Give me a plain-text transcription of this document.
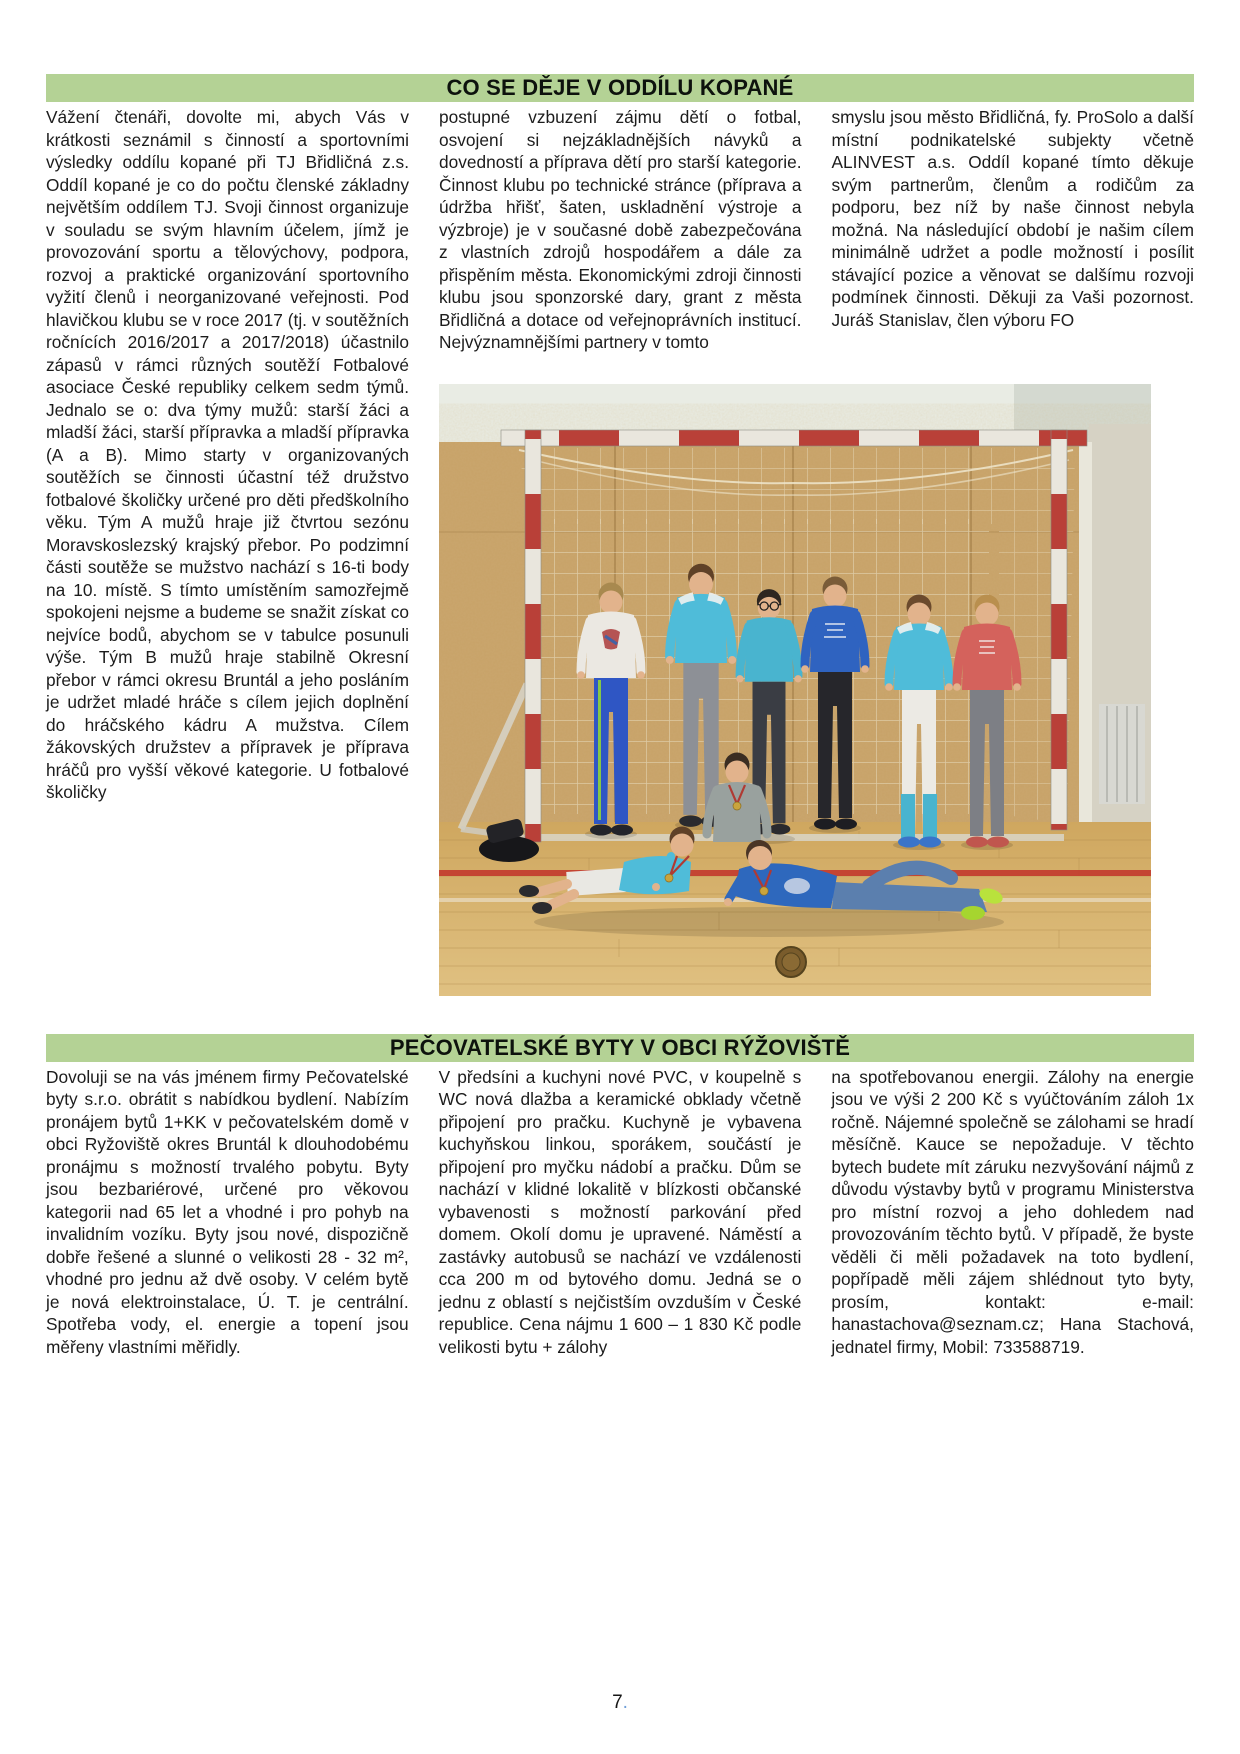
CO SE DĚJE V ODDÍLU KOPANÉ
Vážení čtenáři, dovolte mi, abych Vás v krátkosti seznámil s činností a sportovními výsledky oddílu kopané při TJ Břidličná z.s. Oddíl kopané je co do počtu členské základny největším oddílem TJ. Svoji činnost organizuje v souladu se svým hlavním účelem, jímž je provozování sportu a tělovýchovy, podpora, rozvoj a praktické organizování sportovního vyžití členů i neorganizované veřejnosti. Pod hlavičkou klubu se v roce 2017 (tj. v soutěžních ročnících 2016/2017 a 2017/2018) účastnilo zápasů v rámci různých soutěží Fotbalové asociace České republiky celkem sedm týmů. Jednalo se o: dva týmy mužů: starší žáci a mladší žáci, starší přípravka a mladší přípravka (A a B). Mimo starty v organizovaných soutěžích se činnosti účastní též družstvo fotbalové školičky určené pro děti předškolního věku. Tým A mužů hraje již čtvrtou sezónu Moravskoslezský krajský přebor. Po podzimní části soutěže se mužstvo nachází s 16-ti body na 10. místě. S tímto umístěním samozřejmě spokojeni nejsme a budeme se snažit získat co nejvíce bodů, abychom se v tabulce posunuli výše. Tým B mužů hraje stabilně Okresní přebor v rámci okresu Bruntál a jeho posláním je udržet mladé hráče s cílem jejich doplnění do hráčského kádru A mužstva. Cílem žákovských družstev a přípravek je příprava hráčů pro vyšší věkové kategorie. U fotbalové školičky
postupné vzbuzení zájmu dětí o fotbal, osvojení si nejzákladnějších návyků a dovedností a příprava dětí pro starší kategorie. Činnost klubu po technické stránce (příprava a údržba hřišť, šaten, uskladnění výstroje a výzbroje) je v současné době zabezpečována z vlastních zdrojů hospodářem a dále za přispěním města. Ekonomickými zdroji činnosti klubu jsou sponzorské dary, grant z města Břidličná a dotace od veřejnoprávních institucí. Nejvýznamnějšími partnery v tomto
smyslu jsou město Břidličná, fy. ProSolo a další místní podnikatelské subjekty včetně ALINVEST a.s. Oddíl kopané tímto děkuje svým partnerům, členům a rodičům za podporu, bez níž by naše činnost nebyla možná. Na následující období je našim cílem minimálně udržet a podle možností i posílit stávající pozice a věnovat se dalšímu rozvoji podmínek činnosti. Děkuji za Vaši pozornost. Juráš Stanislav, člen výboru FO
PEČOVATELSKÉ BYTY V OBCI RÝŽOVIŠTĚ
Dovoluji se na vás jménem firmy Pečovatelské byty s.r.o. obrátit s nabídkou bydlení. Nabízím pronájem bytů 1+KK v pečovatelském domě v obci Ryžoviště okres Bruntál k dlouhodobému pronájmu s možností trvalého pobytu. Byty jsou bezbariérové, určené pro věkovou kategorii nad 65 let a vhodné i pro pohyb na invalidním vozíku. Byty jsou nové, dispozičně dobře řešené a slunné o velikosti 28 - 32 m², vhodné pro jednu až dvě osoby. V celém bytě je nová elektroinstalace, Ú. T. je centrální. Spotřeba vody, el. energie a topení jsou měřeny vlastními měřidly.
V předsíni a kuchyni nové PVC, v koupelně s WC nová dlažba a keramické obklady včetně připojení pro pračku. Kuchyně je vybavena kuchyňskou linkou, sporákem, součástí je připojení pro myčku nádobí a pračku. Dům se nachází v klidné lokalitě v blízkosti občanské vybavenosti s možností parkování před domem. Okolí domu je upravené. Náměstí a zastávky autobusů se nachází ve vzdálenosti cca 200 m od bytového domu. Jedná se o jednu z oblastí s nejčistším ovzduším v České republice. Cena nájmu 1 600 – 1 830 Kč podle velikosti bytu + zálohy
na spotřebovanou energii. Zálohy na energie jsou ve výši 2 200 Kč s vyúčtováním záloh 1x ročně. Nájemné společně se zálohami se hradí měsíčně. Kauce se nepožaduje. V těchto bytech budete mít záruku nezvyšování nájmů z důvodu výstavby bytů v programu Ministerstva pro místní rozvoj a jeho dohledem nad provozováním těchto bytů. V případě, že byste věděli či měli požadavek na toto bydlení, popřípadě měli zájem shlédnout tyto byty, prosím, kontakt: e-mail: hanastachova@seznam.cz; Hana Stachová, jednatel firmy, Mobil: 733588719.
7.
